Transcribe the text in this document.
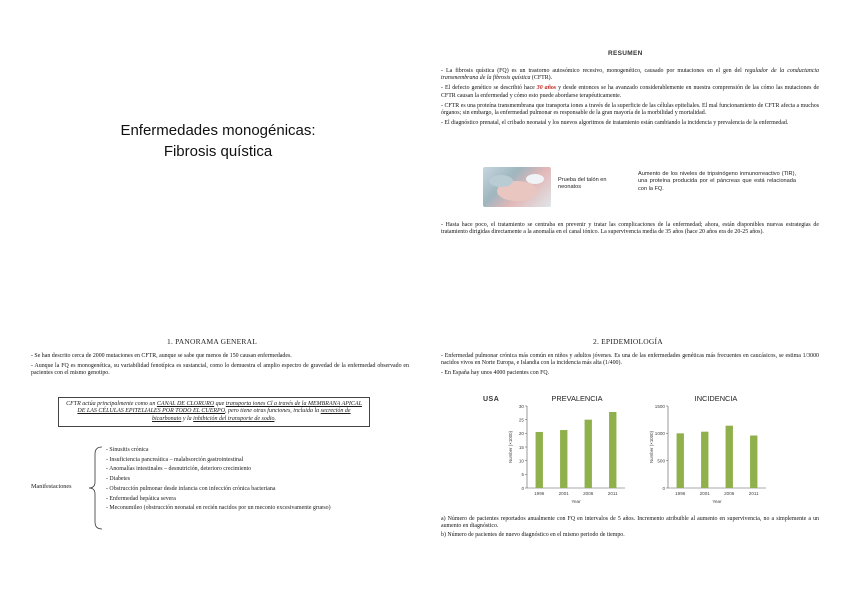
Enfermedades monogénicas:
Fibrosis quística
RESUMEN
- La fibrosis quística (FQ) es un trastorno autosómico recesivo, monogenético, causado por mutaciones en el gen del regulador de la conductancia transmembrana de la fibrosis quística (CFTR).
- El defecto genético se describió hace 30 años y desde entonces se ha avanzado considerablemente en nuestra comprensión de las cómo las mutaciones de CFTR causan la enfermedad y cómo esto puede abordarse terapéuticamente.
- CFTR es una proteína transmembrana que transporta iones a través de la superficie de las células epiteliales. El mal funcionamiento de CFTR afecta a muchos órganos; sin embargo, la enfermedad pulmonar es responsable de la gran mayoría de la morbilidad y mortalidad.
- El diagnóstico prenatal, el cribado neonatal y los nuevos algoritmos de tratamiento están cambiando la incidencia y prevalencia de la enfermedad.
Prueba del talón en neonatos
Aumento de los niveles de tripsinógeno inmunorreactivo (TIR), una proteína producida por el páncreas que está relacionada con la FQ.
- Hasta hace poco, el tratamiento se centraba en prevenir y tratar las complicaciones de la enfermedad; ahora, están disponibles nuevas estrategias de tratamiento dirigidas directamente a la anomalía en el canal iónico. La supervivencia media de 35 años (hace 20 años era de 20-25 años).
1. PANORAMA GENERAL
- Se han descrito cerca de 2000 mutaciones en CFTR, aunque se sabe que menos de 150 causan enfermedades.
- Aunque la FQ es monogenética, su variabilidad fenotípica es sustancial, como lo demuestra el amplio espectro de gravedad de la enfermedad observado en pacientes con el mismo genotipo.
CFTR actúa principalmente como un CANAL DE CLORURO que transporta iones Cl a través de la MEMBRANA APICAL DE LAS CÉLULAS EPITELIALES POR TODO EL CUERPO, pero tiene otras funciones, incluida la secreción de bicarbonato y la inhibición del transporte de sodio.
Manifestaciones
- Sinusitis crónica
- Insuficiencia pancreática – malabsorción gastrointestinal
- Anomalías intestinales – desnutrición, deterioro crecimiento
- Diabetes
- Obstrucción pulmonar desde infancia con infección crónica bacteriana
- Enfermedad hepática severa
- Meconumileo (obstrucción neonatal en recién nacidos por un meconio excesivamente grueso)
2. EPIDEMIOLOGÍA
- Enfermedad pulmonar crónica más común en niños y adultos jóvenes. Es una de las enfermedades genéticas más frecuentes en caucásicos, se estima 1/3000 nacidos vivos en Norte Europa, e Islandia con la incidencia más alta (1/400).
- En España hay unos 4000 pacientes con FQ.
USA	PREVALENCIA
0
5
10
15
20
25
30
1996	2001	2006	2011
Year
Number (×1000)
INCIDENCIA
0
500
1000
1500
1996	2001	2006	2011
Year
Number (×1000)
a) Número de pacientes reportados anualmente con FQ en intervalos de 5 años. Incremento atribuible al aumento en supervivencia, no a simplemente a un aumento en diagnóstico.
b) Número de pacientes de nuevo diagnóstico en el mismo periodo de tiempo.
